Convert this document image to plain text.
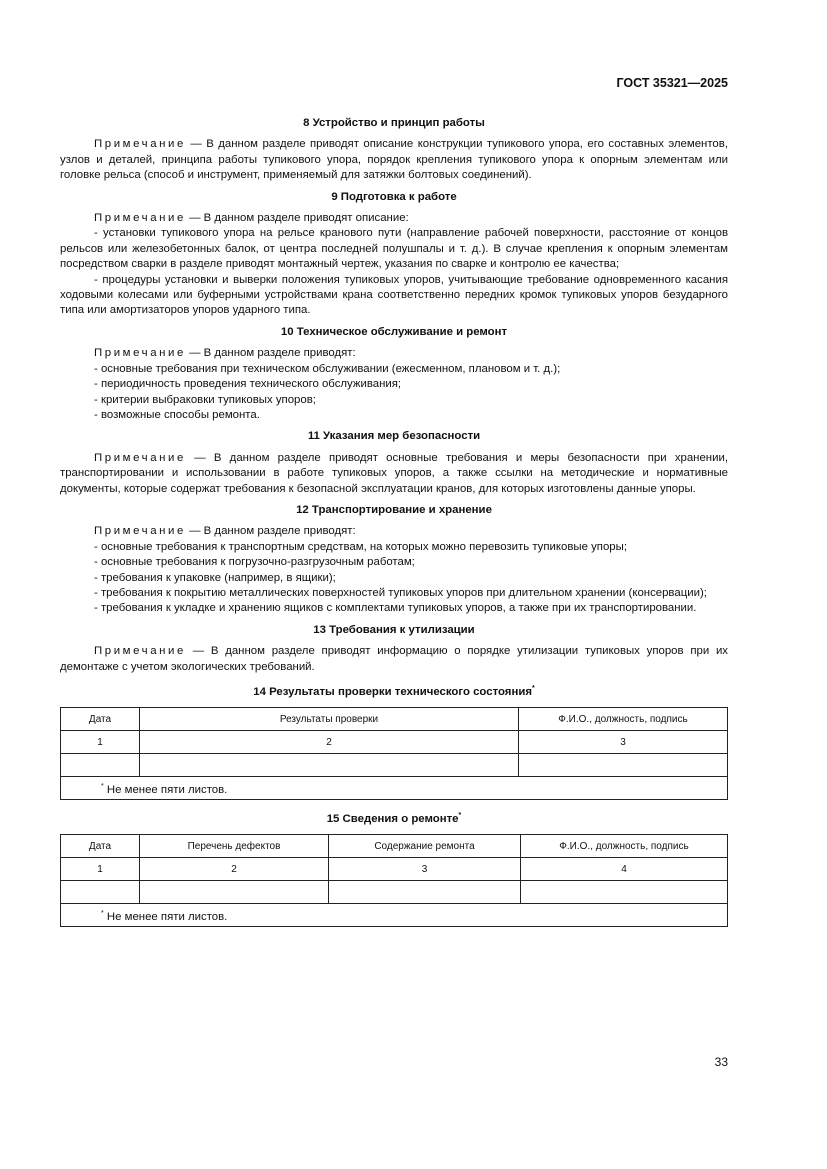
ГОСТ 35321—2025
8 Устройство и принцип работы

Примечание — В данном разделе приводят описание конструкции тупикового упора, его составных элементов, узлов и деталей, принципа работы тупикового упора, порядок крепления тупикового упора к опорным элементам или головке рельса (способ и инструмент, применяемый для затяжки болтовых соединений).

9 Подготовка к работе

Примечание — В данном разделе приводят описание:

- установки тупикового упора на рельсе кранового пути (направление рабочей поверхности, расстояние от концов рельсов или железобетонных балок, от центра последней полушпалы и т. д.). В случае крепления к опорным элементам посредством сварки в разделе приводят монтажный чертеж, указания по сварке и контролю ее качества;
- процедуры установки и выверки положения тупиковых упоров, учитывающие требование одновременного касания ходовыми колесами или буферными устройствами крана соответственно передних кромок тупиковых упоров безударного типа или амортизаторов упоров ударного типа.
10 Техническое обслуживание и ремонт

Примечание — В данном разделе приводят:

- основные требования при техническом обслуживании (ежесменном, плановом и т. д.);
- периодичность проведения технического обслуживания;
- критерии выбраковки тупиковых упоров;
- возможные способы ремонта.
11 Указания мер безопасности

Примечание — В данном разделе приводят основные требования и меры безопасности при хранении, транспортировании и использовании в работе тупиковых упоров, а также ссылки на методические и нормативные документы, которые содержат требования к безопасной эксплуатации кранов, для которых изготовлены данные упоры.

12 Транспортирование и хранение

Примечание — В данном разделе приводят:

- основные требования к транспортным средствам, на которых можно перевозить тупиковые упоры;
- основные требования к погрузочно-разгрузочным работам;
- требования к упаковке (например, в ящики);
- требования к покрытию металлических поверхностей тупиковых упоров при длительном хранении (консервации);
- требования к укладке и хранению ящиков с комплектами тупиковых упоров, а также при их транспортировании.
13 Требования к утилизации

Примечание — В данном разделе приводят информацию о порядке утилизации тупиковых упоров при их демонтаже с учетом экологических требований.

14 Результаты проверки технического состояния*
Дата	Результаты проверки	Ф.И.О., должность, подпись
1	2	3

* Не менее пяти листов.		
15 Сведения о ремонте*
Дата	Перечень дефектов	Содержание ремонта	Ф.И.О., должность, подпись
1	2	3	4

* Не менее пяти листов.			
33
